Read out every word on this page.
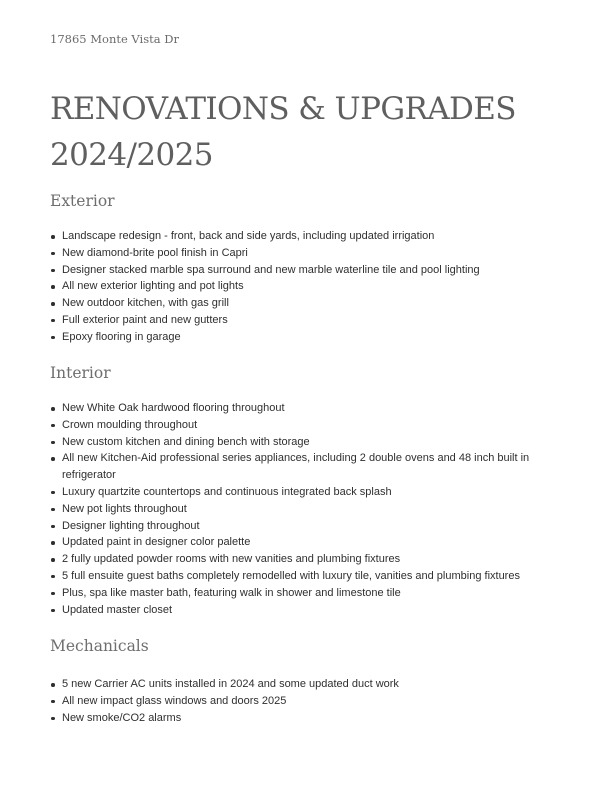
17865 Monte Vista Dr

RENOVATIONS & UPGRADES
2024/2025
Exterior
Landscape redesign - front, back and side yards, including updated irrigation
New diamond-brite pool finish in Capri
Designer stacked marble spa surround and new marble waterline tile and pool lighting
All new exterior lighting and pot lights
New outdoor kitchen, with gas grill
Full exterior paint and new gutters
Epoxy flooring in garage
Interior
New White Oak hardwood flooring throughout
Crown moulding throughout
New custom kitchen and dining bench with storage
All new Kitchen-Aid professional series appliances, including 2 double ovens and 48 inch built in refrigerator
Luxury quartzite countertops and continuous integrated back splash
New pot lights throughout
Designer lighting throughout
Updated paint in designer color palette
2 fully updated powder rooms with new vanities and plumbing fixtures
5 full ensuite guest baths completely remodelled with luxury tile, vanities and plumbing fixtures
Plus, spa like master bath, featuring walk in shower and limestone tile
Updated master closet
Mechanicals
5 new Carrier AC units installed in 2024 and some updated duct work
All new impact glass windows and doors 2025
New smoke/CO2 alarms
